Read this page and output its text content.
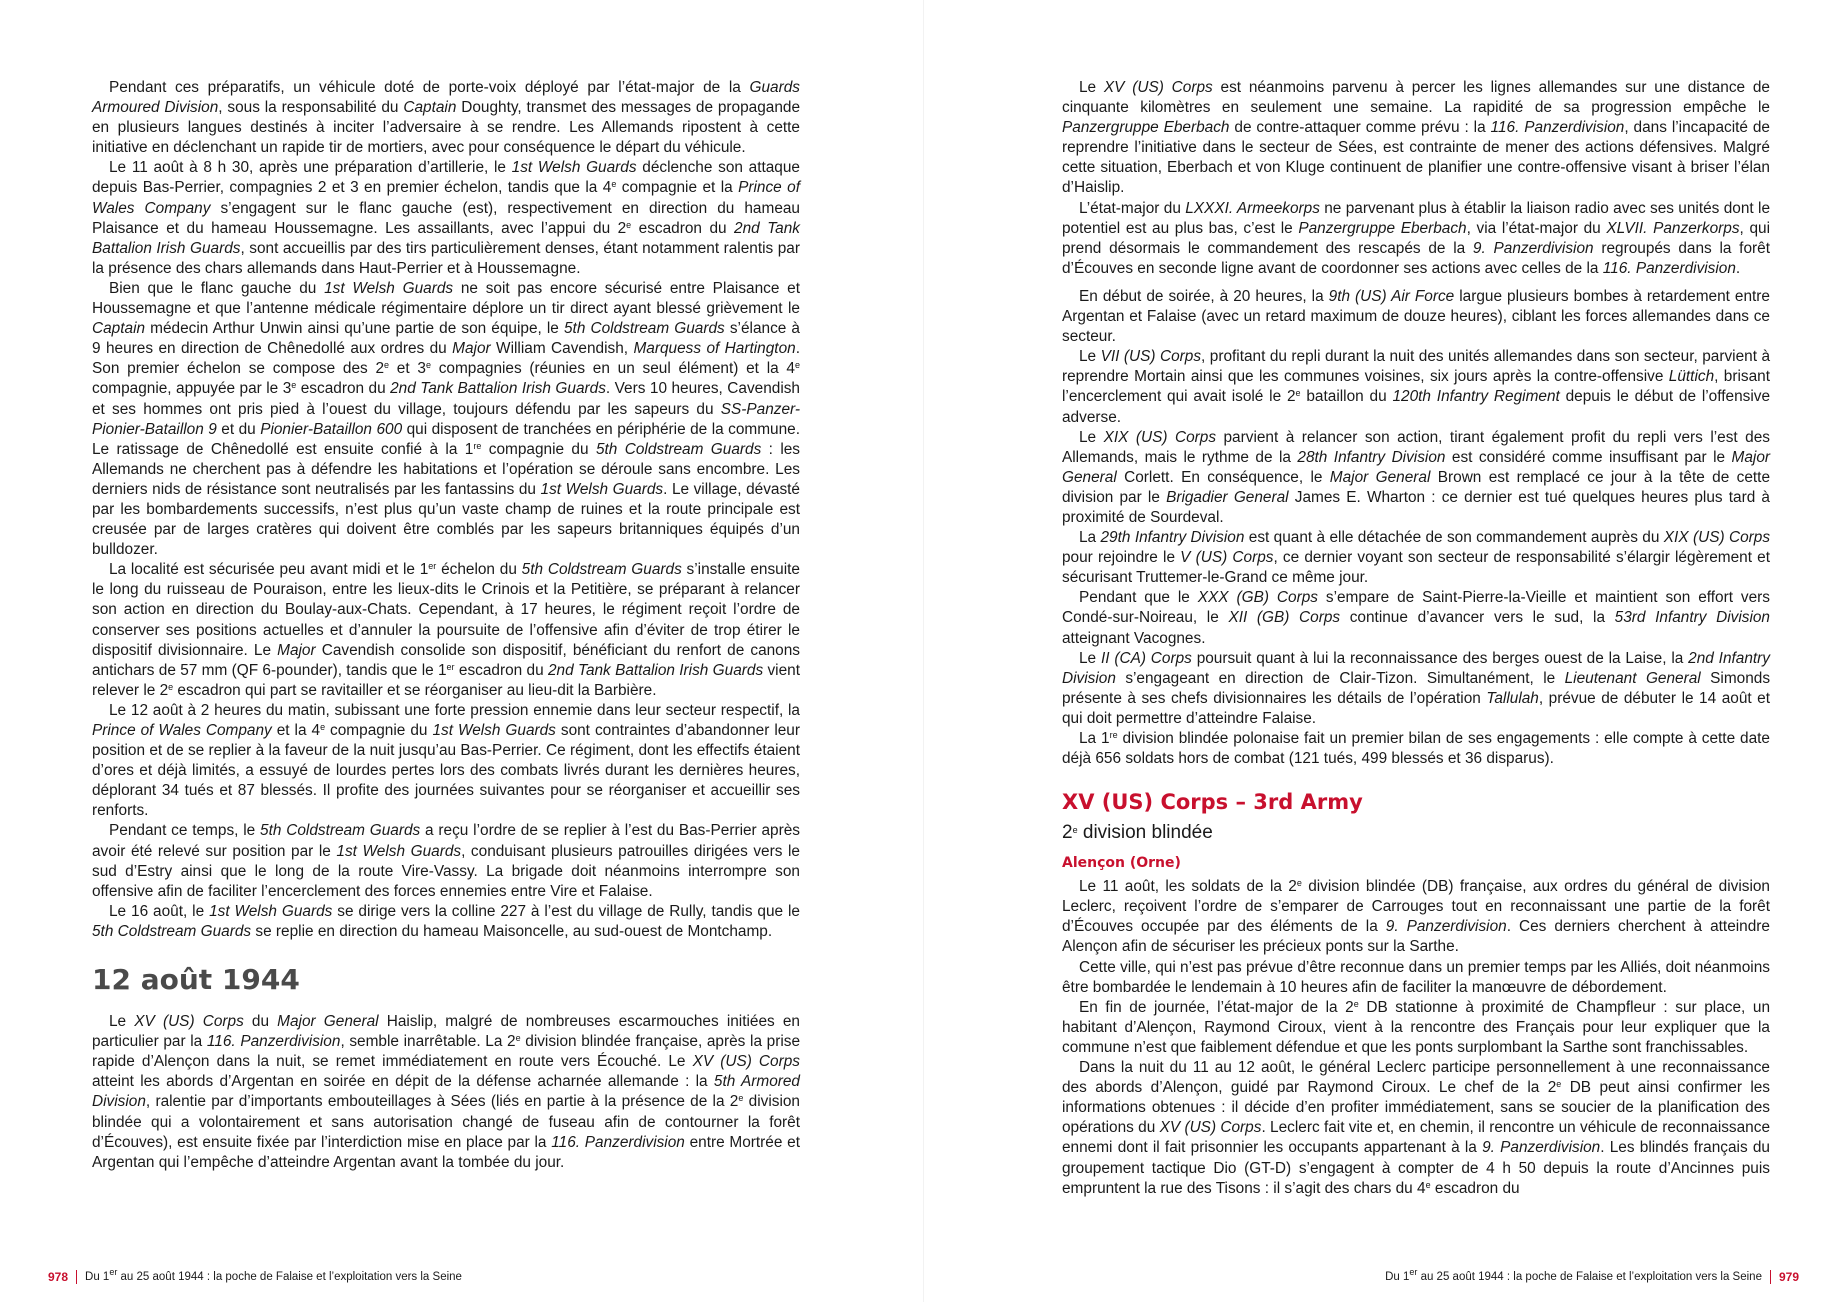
Pendant ces préparatifs, un véhicule doté de porte-voix déployé par l’état-major de la Guards Armoured Division, sous la responsabilité du Captain Doughty, transmet des messages de propagande en plusieurs langues destinés à inciter l’adversaire à se rendre. Les Allemands ripostent à cette initiative en déclenchant un rapide tir de mortiers, avec pour conséquence le départ du véhicule.

Le 11 août à 8 h 30, après une préparation d’artillerie, le 1st Welsh Guards déclenche son attaque depuis Bas-Perrier, compagnies 2 et 3 en premier échelon, tandis que la 4e compagnie et la Prince of Wales Company s’engagent sur le flanc gauche (est), respectivement en direction du hameau Plaisance et du hameau Houssemagne. Les assaillants, avec l’appui du 2e escadron du 2nd Tank Battalion Irish Guards, sont accueillis par des tirs particulièrement denses, étant notamment ralentis par la présence des chars allemands dans Haut-Perrier et à Houssemagne.

Bien que le flanc gauche du 1st Welsh Guards ne soit pas encore sécurisé entre Plaisance et Houssemagne et que l’antenne médicale régimentaire déplore un tir direct ayant blessé grièvement le Captain médecin Arthur Unwin ainsi qu’une partie de son équipe, le 5th Coldstream Guards s’élance à 9 heures en direction de Chênedollé aux ordres du Major William Cavendish, Marquess of Hartington. Son premier échelon se compose des 2e et 3e compagnies (réunies en un seul élément) et la 4e compagnie, appuyée par le 3e escadron du 2nd Tank Battalion Irish Guards. Vers 10 heures, Cavendish et ses hommes ont pris pied à l’ouest du village, toujours défendu par les sapeurs du SS-Panzer-Pionier-Bataillon 9 et du Pionier-Bataillon 600 qui disposent de tranchées en périphérie de la commune. Le ratissage de Chênedollé est ensuite confié à la 1re compagnie du 5th Coldstream Guards : les Allemands ne cherchent pas à défendre les habitations et l’opération se déroule sans encombre. Les derniers nids de résistance sont neutralisés par les fantassins du 1st Welsh Guards. Le village, dévasté par les bombardements successifs, n’est plus qu’un vaste champ de ruines et la route principale est creusée par de larges cratères qui doivent être comblés par les sapeurs britanniques équipés d’un bulldozer.

La localité est sécurisée peu avant midi et le 1er échelon du 5th Coldstream Guards s’installe ensuite le long du ruisseau de Pouraison, entre les lieux-dits le Crinois et la Petitière, se préparant à relancer son action en direction du Boulay-aux-Chats. Cependant, à 17 heures, le régiment reçoit l’ordre de conserver ses positions actuelles et d’annuler la poursuite de l’offensive afin d’éviter de trop étirer le dispositif divisionnaire. Le Major Cavendish consolide son dispositif, bénéficiant du renfort de canons antichars de 57 mm (QF 6-pounder), tandis que le 1er escadron du 2nd Tank Battalion Irish Guards vient relever le 2e escadron qui part se ravitailler et se réorganiser au lieu-dit la Barbière.

Le 12 août à 2 heures du matin, subissant une forte pression ennemie dans leur secteur respectif, la Prince of Wales Company et la 4e compagnie du 1st Welsh Guards sont contraintes d’abandonner leur position et de se replier à la faveur de la nuit jusqu’au Bas-Perrier. Ce régiment, dont les effectifs étaient d’ores et déjà limités, a essuyé de lourdes pertes lors des combats livrés durant les dernières heures, déplorant 34 tués et 87 blessés. Il profite des journées suivantes pour se réorganiser et accueillir ses renforts.

Pendant ce temps, le 5th Coldstream Guards a reçu l’ordre de se replier à l’est du Bas-Perrier après avoir été relevé sur position par le 1st Welsh Guards, conduisant plusieurs patrouilles dirigées vers le sud d’Estry ainsi que le long de la route Vire-Vassy. La brigade doit néanmoins interrompre son offensive afin de faciliter l’encerclement des forces ennemies entre Vire et Falaise.

Le 16 août, le 1st Welsh Guards se dirige vers la colline 227 à l’est du village de Rully, tandis que le 5th Coldstream Guards se replie en direction du hameau Maisoncelle, au sud-ouest de Montchamp.

12 août 1944

Le XV (US) Corps du Major General Haislip, malgré de nombreuses escarmouches initiées en particulier par la 116. Panzerdivision, semble inarrêtable. La 2e division blindée française, après la prise rapide d’Alençon dans la nuit, se remet immédiatement en route vers Écouché. Le XV (US) Corps atteint les abords d’Argentan en soirée en dépit de la défense acharnée allemande : la 5th Armored Division, ralentie par d’importants embouteillages à Sées (liés en partie à la présence de la 2e division blindée qui a volontairement et sans autorisation changé de fuseau afin de contourner la forêt d’Écouves), est ensuite fixée par l’interdiction mise en place par la 116. Panzerdivision entre Mortrée et Argentan qui l’empêche d’atteindre Argentan avant la tombée du jour.

978 Du 1er au 25 août 1944 : la poche de Falaise et l’exploitation vers la Seine

Le XV (US) Corps est néanmoins parvenu à percer les lignes allemandes sur une distance de cinquante kilomètres en seulement une semaine. La rapidité de sa progression empêche le Panzergruppe Eberbach de contre-attaquer comme prévu : la 116. Panzerdivision, dans l’incapacité de reprendre l’initiative dans le secteur de Sées, est contrainte de mener des actions défensives. Malgré cette situation, Eberbach et von Kluge continuent de planifier une contre-offensive visant à briser l’élan d’Haislip.

L’état-major du LXXXI. Armeekorps ne parvenant plus à établir la liaison radio avec ses unités dont le potentiel est au plus bas, c’est le Panzergruppe Eberbach, via l’état-major du XLVII. Panzerkorps, qui prend désormais le commandement des rescapés de la 9. Panzerdivision regroupés dans la forêt d’Écouves en seconde ligne avant de coordonner ses actions avec celles de la 116. Panzerdivision.

En début de soirée, à 20 heures, la 9th (US) Air Force largue plusieurs bombes à retardement entre Argentan et Falaise (avec un retard maximum de douze heures), ciblant les forces allemandes dans ce secteur.

Le VII (US) Corps, profitant du repli durant la nuit des unités allemandes dans son secteur, parvient à reprendre Mortain ainsi que les communes voisines, six jours après la contre-offensive Lüttich, brisant l’encerclement qui avait isolé le 2e bataillon du 120th Infantry Regiment depuis le début de l’offensive adverse.

Le XIX (US) Corps parvient à relancer son action, tirant également profit du repli vers l’est des Allemands, mais le rythme de la 28th Infantry Division est considéré comme insuffisant par le Major General Corlett. En conséquence, le Major General Brown est remplacé ce jour à la tête de cette division par le Brigadier General James E. Wharton : ce dernier est tué quelques heures plus tard à proximité de Sourdeval.

La 29th Infantry Division est quant à elle détachée de son commandement auprès du XIX (US) Corps pour rejoindre le V (US) Corps, ce dernier voyant son secteur de responsabilité s’élargir légèrement et sécurisant Truttemer-le-Grand ce même jour.

Pendant que le XXX (GB) Corps s’empare de Saint-Pierre-la-Vieille et maintient son effort vers Condé-sur-Noireau, le XII (GB) Corps continue d’avancer vers le sud, la 53rd Infantry Division atteignant Vacognes.

Le II (CA) Corps poursuit quant à lui la reconnaissance des berges ouest de la Laise, la 2nd Infantry Division s’engageant en direction de Clair-Tizon. Simultanément, le Lieutenant General Simonds présente à ses chefs divisionnaires les détails de l’opération Tallulah, prévue de débuter le 14 août et qui doit permettre d’atteindre Falaise.

La 1re division blindée polonaise fait un premier bilan de ses engagements : elle compte à cette date déjà 656 soldats hors de combat (121 tués, 499 blessés et 36 disparus).

XV (US) Corps – 3rd Army
2e division blindée
Alençon (Orne)

Le 11 août, les soldats de la 2e division blindée (DB) française, aux ordres du général de division Leclerc, reçoivent l’ordre de s’emparer de Carrouges tout en reconnaissant une partie de la forêt d’Écouves occupée par des éléments de la 9. Panzerdivision. Ces derniers cherchent à atteindre Alençon afin de sécuriser les précieux ponts sur la Sarthe.

Cette ville, qui n’est pas prévue d’être reconnue dans un premier temps par les Alliés, doit néanmoins être bombardée le lendemain à 10 heures afin de faciliter la manœuvre de débordement.

En fin de journée, l’état-major de la 2e DB stationne à proximité de Champfleur : sur place, un habitant d’Alençon, Raymond Ciroux, vient à la rencontre des Français pour leur expliquer que la commune n’est que faiblement défendue et que les ponts surplombant la Sarthe sont franchissables.

Dans la nuit du 11 au 12 août, le général Leclerc participe personnellement à une reconnaissance des abords d’Alençon, guidé par Raymond Ciroux. Le chef de la 2e DB peut ainsi confirmer les informations obtenues : il décide d’en profiter immédiatement, sans se soucier de la planification des opérations du XV (US) Corps. Leclerc fait vite et, en chemin, il rencontre un véhicule de reconnaissance ennemi dont il fait prisonnier les occupants appartenant à la 9. Panzerdivision. Les blindés français du groupement tactique Dio (GT-D) s’engagent à compter de 4 h 50 depuis la route d’Ancinnes puis empruntent la rue des Tisons : il s’agit des chars du 4e escadron du

Du 1er au 25 août 1944 : la poche de Falaise et l’exploitation vers la Seine 979
